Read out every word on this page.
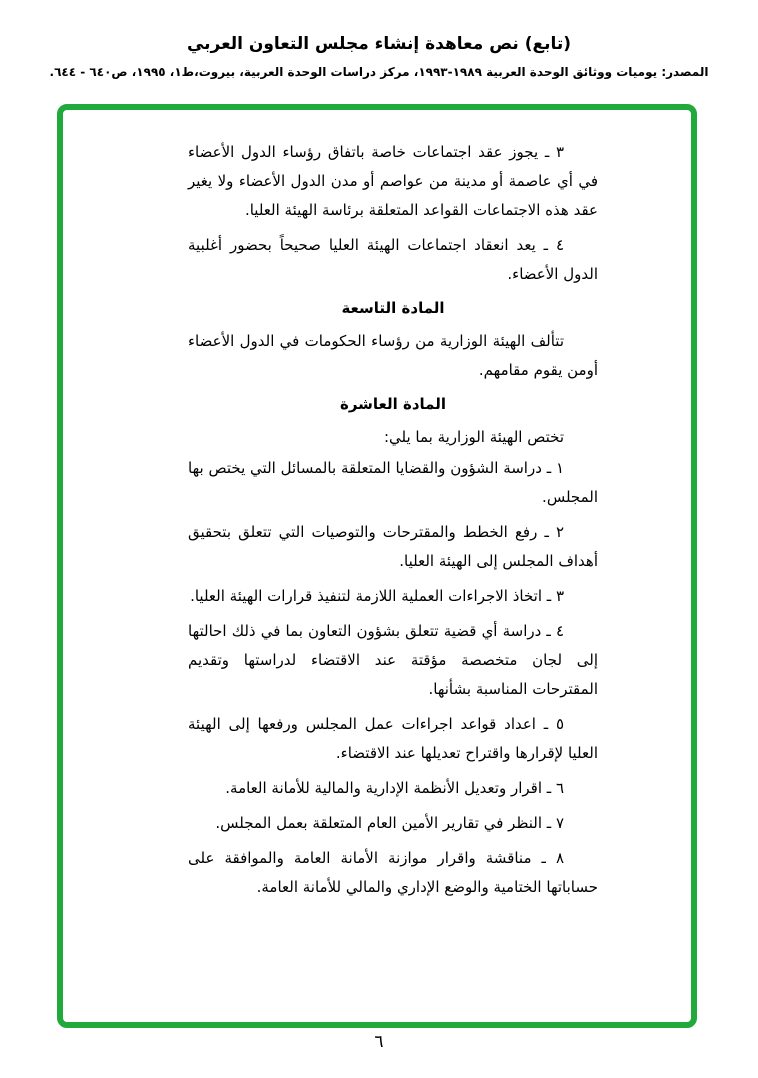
(تابع) نص معاهدة إنشاء مجلس التعاون العربي
المصدر: يوميات ووثائق الوحدة العربية ١٩٨٩-١٩٩٣، مركز دراسات الوحدة العربية، بيروت،ط١، ١٩٩٥، ص٦٤٠ - ٦٤٤.

٣ ـ يجوز عقد اجتماعات خاصة باتفاق رؤساء الدول الأعضاء في أي عاصمة أو مدينة من عواصم أو مدن الدول الأعضاء ولا يغير عقد هذه الاجتماعات القواعد المتعلقة برئاسة الهيئة العليا.

٤ ـ يعد انعقاد اجتماعات الهيئة العليا صحيحاً بحضور أغلبية الدول الأعضاء.

المادة التاسعة

تتألف الهيئة الوزارية من رؤساء الحكومات في الدول الأعضاء أومن يقوم مقامهم.

المادة العاشرة

تختص الهيئة الوزارية بما يلي:

١ ـ دراسة الشؤون والقضايا المتعلقة بالمسائل التي يختص بها المجلس.

٢ ـ رفع الخطط والمقترحات والتوصيات التي تتعلق بتحقيق أهداف المجلس إلى الهيئة العليا.

٣ ـ اتخاذ الاجراءات العملية اللازمة لتنفيذ قرارات الهيئة العليا.

٤ ـ دراسة أي قضية تتعلق بشؤون التعاون بما في ذلك احالتها إلى لجان متخصصة مؤقتة عند الاقتضاء لدراستها وتقديم المقترحات المناسبة بشأنها.

٥ ـ اعداد قواعد اجراءات عمل المجلس ورفعها إلى الهيئة العليا لإقرارها واقتراح تعديلها عند الاقتضاء.

٦ ـ اقرار وتعديل الأنظمة الإدارية والمالية للأمانة العامة.

٧ ـ النظر في تقارير الأمين العام المتعلقة بعمل المجلس.

٨ ـ مناقشة واقرار موازنة الأمانة العامة والموافقة على حساباتها الختامية والوضع الإداري والمالي للأمانة العامة.

٦
